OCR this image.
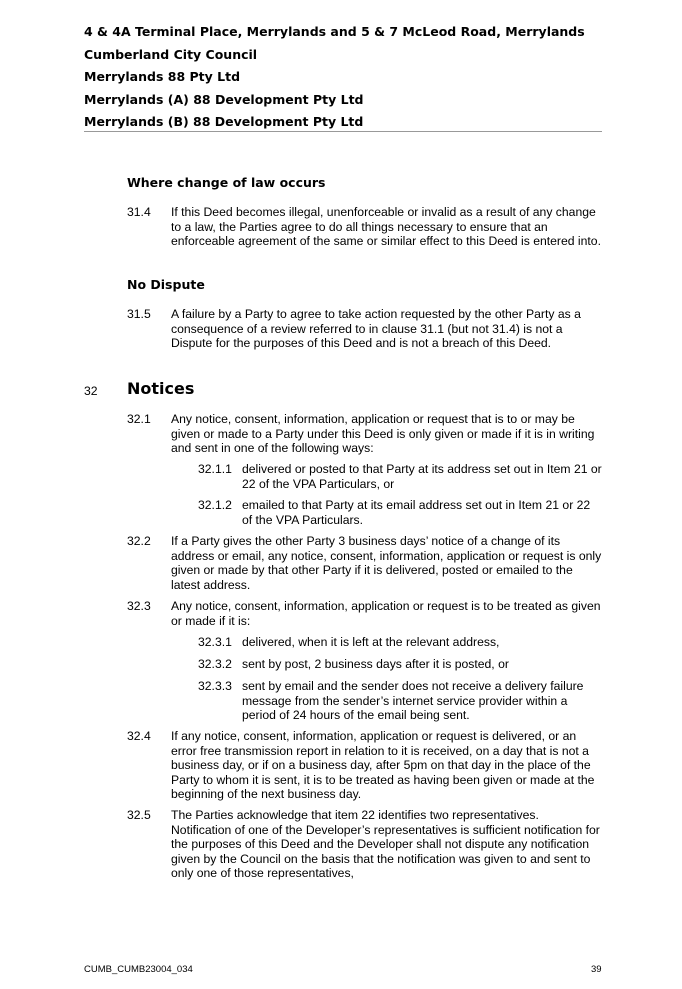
4 & 4A Terminal Place, Merrylands and 5 & 7 McLeod Road, Merrylands
Cumberland City Council
Merrylands 88 Pty Ltd
Merrylands (A) 88 Development Pty Ltd
Merrylands (B) 88 Development Pty Ltd
Where change of law occurs
31.4 If this Deed becomes illegal, unenforceable or invalid as a result of any change to a law, the Parties agree to do all things necessary to ensure that an enforceable agreement of the same or similar effect to this Deed is entered into.
No Dispute
31.5 A failure by a Party to agree to take action requested by the other Party as a consequence of a review referred to in clause 31.1 (but not 31.4) is not a Dispute for the purposes of this Deed and is not a breach of this Deed.
32 Notices
32.1 Any notice, consent, information, application or request that is to or may be given or made to a Party under this Deed is only given or made if it is in writing and sent in one of the following ways:
32.1.1 delivered or posted to that Party at its address set out in Item 21 or 22 of the VPA Particulars, or
32.1.2 emailed to that Party at its email address set out in Item 21 or 22 of the VPA Particulars.
32.2 If a Party gives the other Party 3 business days’ notice of a change of its address or email, any notice, consent, information, application or request is only given or made by that other Party if it is delivered, posted or emailed to the latest address.
32.3 Any notice, consent, information, application or request is to be treated as given or made if it is:
32.3.1 delivered, when it is left at the relevant address,
32.3.2 sent by post, 2 business days after it is posted, or
32.3.3 sent by email and the sender does not receive a delivery failure message from the sender’s internet service provider within a period of 24 hours of the email being sent.
32.4 If any notice, consent, information, application or request is delivered, or an error free transmission report in relation to it is received, on a day that is not a business day, or if on a business day, after 5pm on that day in the place of the Party to whom it is sent, it is to be treated as having been given or made at the beginning of the next business day.
32.5 The Parties acknowledge that item 22 identifies two representatives. Notification of one of the Developer’s representatives is sufficient notification for the purposes of this Deed and the Developer shall not dispute any notification given by the Council on the basis that the notification was given to and sent to only one of those representatives,
CUMB_CUMB23004_034	39
